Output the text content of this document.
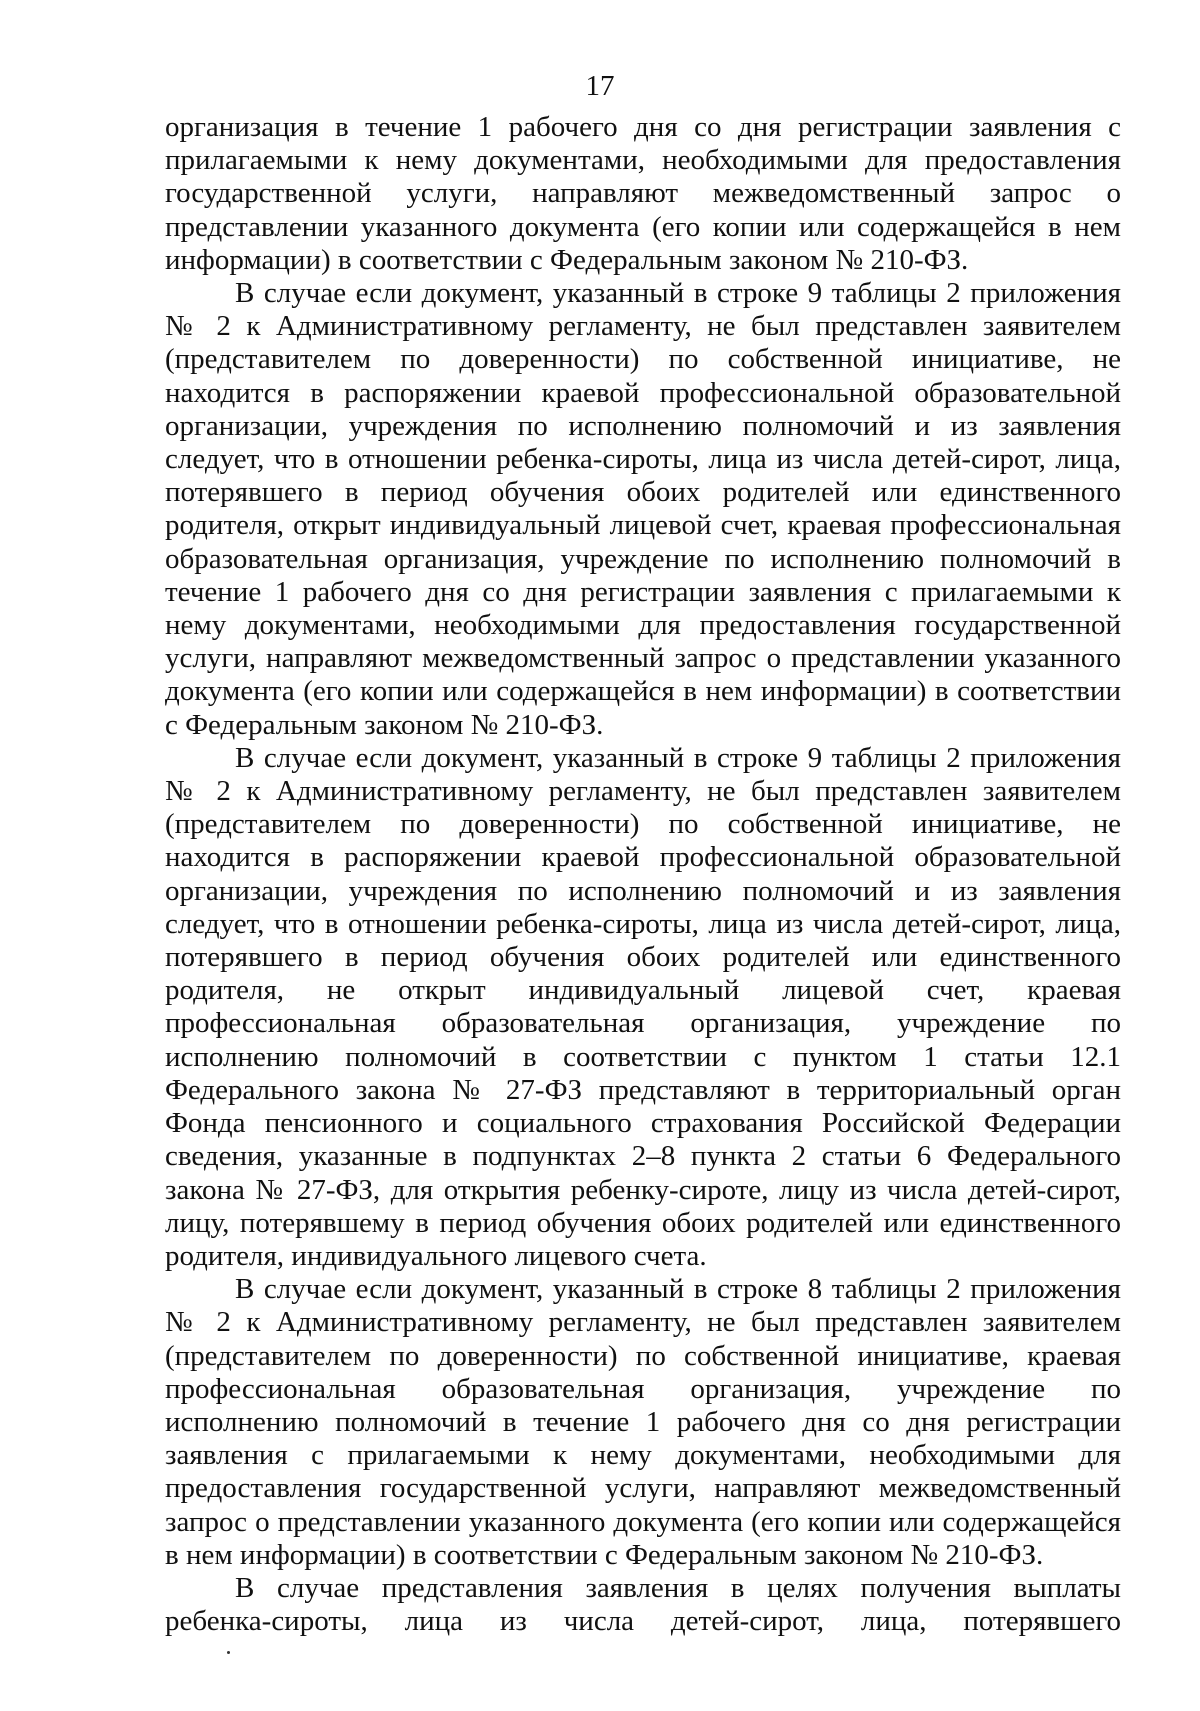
17

организация в течение 1 рабочего дня со дня регистрации заявления с прилагаемыми к нему документами, необходимыми для предоставления государственной услуги, направляют межведомственный запрос о представлении указанного документа (его копии или содержащейся в нем информации) в соответствии с Федеральным законом № 210-ФЗ.

В случае если документ, указанный в строке 9 таблицы 2 приложения № 2 к Административному регламенту, не был представлен заявителем (представителем по доверенности) по собственной инициативе, не находится в распоряжении краевой профессиональной образовательной организации, учреждения по исполнению полномочий и из заявления следует, что в отношении ребенка-сироты, лица из числа детей-сирот, лица, потерявшего в период обучения обоих родителей или единственного родителя, открыт индивидуальный лицевой счет, краевая профессиональная образовательная организация, учреждение по исполнению полномочий в течение 1 рабочего дня со дня регистрации заявления с прилагаемыми к нему документами, необходимыми для предоставления государственной услуги, направляют межведомственный запрос о представлении указанного документа (его копии или содержащейся в нем информации) в соответствии с Федеральным законом № 210-ФЗ.

В случае если документ, указанный в строке 9 таблицы 2 приложения № 2 к Административному регламенту, не был представлен заявителем (представителем по доверенности) по собственной инициативе, не находится в распоряжении краевой профессиональной образовательной организации, учреждения по исполнению полномочий и из заявления следует, что в отношении ребенка-сироты, лица из числа детей-сирот, лица, потерявшего в период обучения обоих родителей или единственного родителя, не открыт индивидуальный лицевой счет, краевая профессиональная образовательная организация, учреждение по исполнению полномочий в соответствии с пунктом 1 статьи 12.1 Федерального закона № 27-ФЗ представляют в территориальный орган Фонда пенсионного и социального страхования Российской Федерации сведения, указанные в подпунктах 2–8 пункта 2 статьи 6 Федерального закона № 27-ФЗ, для открытия ребенку-сироте, лицу из числа детей-сирот, лицу, потерявшему в период обучения обоих родителей или единственного родителя, индивидуального лицевого счета.

В случае если документ, указанный в строке 8 таблицы 2 приложения № 2 к Административному регламенту, не был представлен заявителем (представителем по доверенности) по собственной инициативе, краевая профессиональная образовательная организация, учреждение по исполнению полномочий в течение 1 рабочего дня со дня регистрации заявления с прилагаемыми к нему документами, необходимыми для предоставления государственной услуги, направляют межведомственный запрос о представлении указанного документа (его копии или содержащейся в нем информации) в соответствии с Федеральным законом № 210-ФЗ.

В случае представления заявления в целях получения выплаты ребенка-сироты, лица из числа детей-сирот, лица, потерявшего
